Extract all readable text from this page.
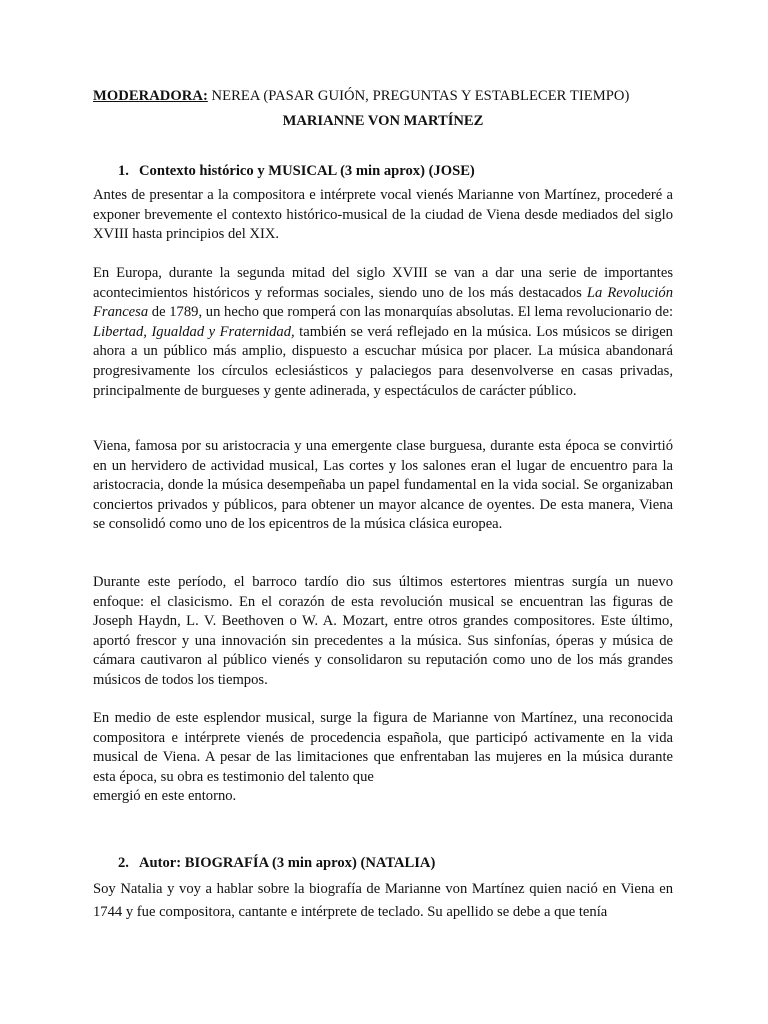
MODERADORA: NEREA (PASAR GUIÓN, PREGUNTAS Y ESTABLECER TIEMPO)
MARIANNE VON MARTÍNEZ
1. Contexto histórico y MUSICAL (3 min aprox) (JOSE)

Antes de presentar a la compositora e intérprete vocal vienés Marianne von Martínez, procederé a exponer brevemente el contexto histórico-musical de la ciudad de Viena desde mediados del siglo XVIII hasta principios del XIX.

En Europa, durante la segunda mitad del siglo XVIII se van a dar una serie de importantes acontecimientos históricos y reformas sociales, siendo uno de los más destacados La Revolución Francesa de 1789, un hecho que romperá con las monarquías absolutas. El lema revolucionario de: Libertad, Igualdad y Fraternidad, también se verá reflejado en la música. Los músicos se dirigen ahora a un público más amplio, dispuesto a escuchar música por placer. La música abandonará progresivamente los círculos eclesiásticos y palaciegos para desenvolverse en casas privadas, principalmente de burgueses y gente adinerada, y espectáculos de carácter público.

Viena, famosa por su aristocracia y una emergente clase burguesa, durante esta época se convirtió en un hervidero de actividad musical, Las cortes y los salones eran el lugar de encuentro para la aristocracia, donde la música desempeñaba un papel fundamental en la vida social. Se organizaban conciertos privados y públicos, para obtener un mayor alcance de oyentes. De esta manera, Viena se consolidó como uno de los epicentros de la música clásica europea.

Durante este período, el barroco tardío dio sus últimos estertores mientras surgía un nuevo enfoque: el clasicismo. En el corazón de esta revolución musical se encuentran las figuras de Joseph Haydn, L. V. Beethoven o W. A. Mozart, entre otros grandes compositores. Este último, aportó frescor y una innovación sin precedentes a la música. Sus sinfonías, óperas y música de cámara cautivaron al público vienés y consolidaron su reputación como uno de los más grandes músicos de todos los tiempos.

En medio de este esplendor musical, surge la figura de Marianne von Martínez, una reconocida compositora e intérprete vienés de procedencia española, que participó activamente en la vida musical de Viena. A pesar de las limitaciones que enfrentaban las mujeres en la música durante esta época, su obra es testimonio del talento que
emergió en este entorno.

2. Autor: BIOGRAFÍA (3 min aprox) (NATALIA)

Soy Natalia y voy a hablar sobre la biografía de Marianne von Martínez quien nació en Viena en 1744 y fue compositora, cantante e intérprete de teclado. Su apellido se debe a que tenía
